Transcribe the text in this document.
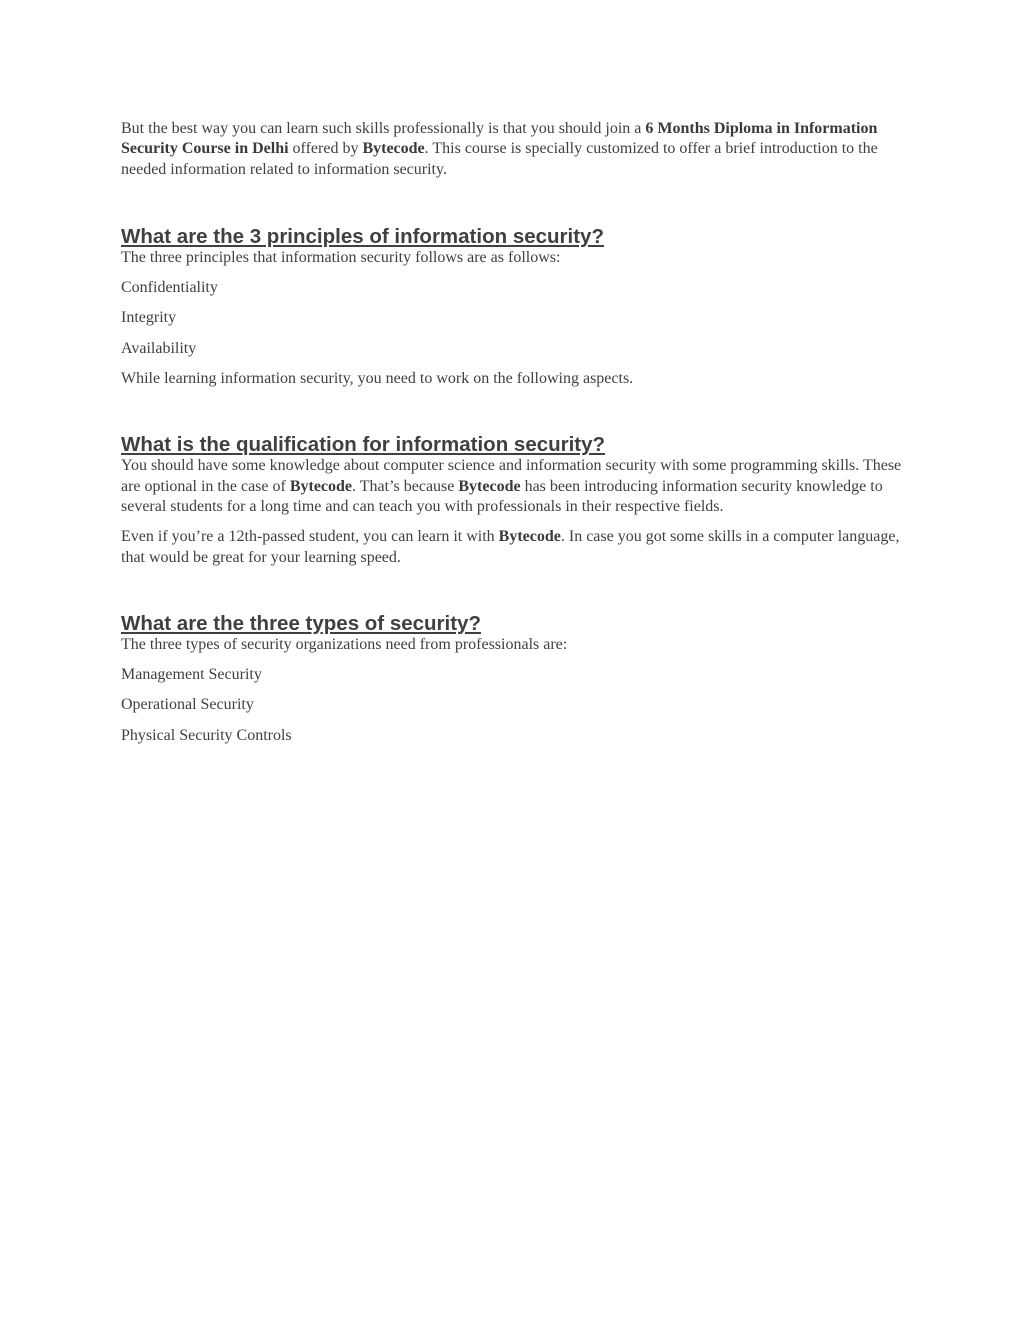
But the best way you can learn such skills professionally is that you should join a 6 Months Diploma in Information Security Course in Delhi offered by Bytecode. This course is specially customized to offer a brief introduction to the needed information related to information security.

What are the 3 principles of information security?

The three principles that information security follows are as follows:

Confidentiality

Integrity

Availability

While learning information security, you need to work on the following aspects.

What is the qualification for information security?

You should have some knowledge about computer science and information security with some programming skills. These are optional in the case of Bytecode. That’s because Bytecode has been introducing information security knowledge to several students for a long time and can teach you with professionals in their respective fields.

Even if you’re a 12th-passed student, you can learn it with Bytecode. In case you got some skills in a computer language, that would be great for your learning speed.

What are the three types of security?

The three types of security organizations need from professionals are:

Management Security

Operational Security

Physical Security Controls
